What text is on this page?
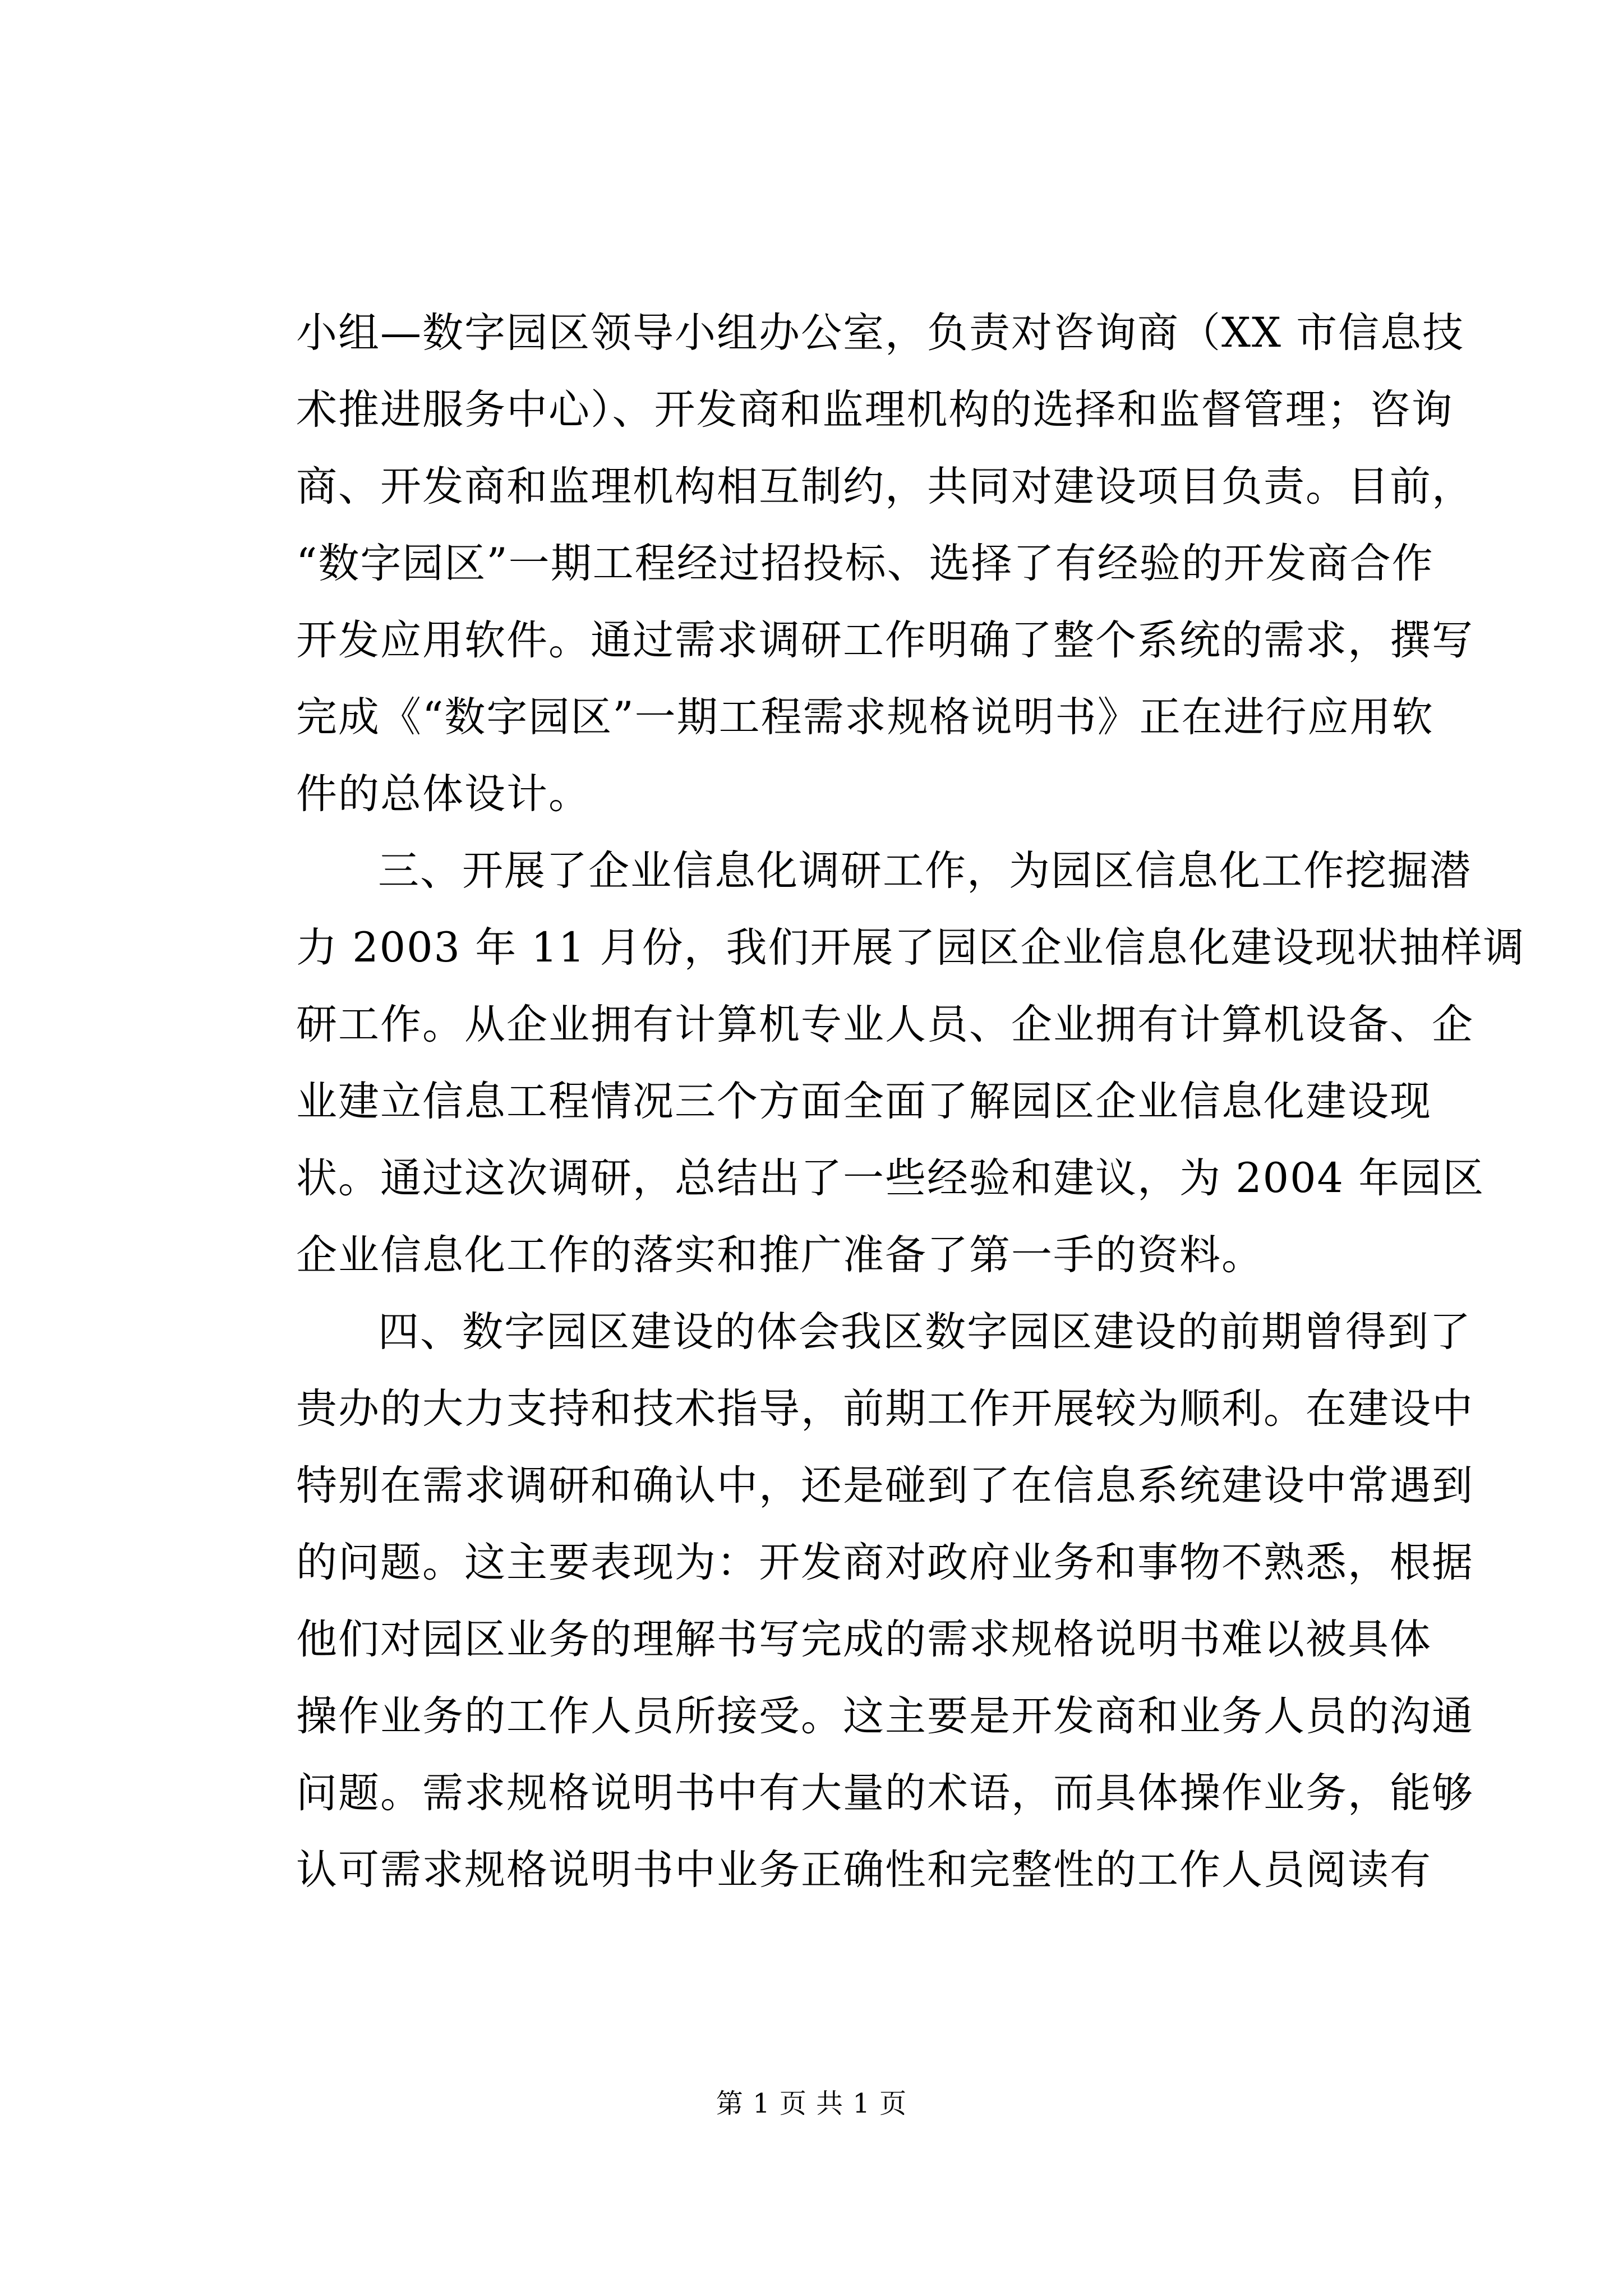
小组—数字园区领导小组办公室，负责对咨询商（XX 市信息技
术推进服务中心）、开发商和监理机构的选择和监督管理；咨询
商、开发商和监理机构相互制约，共同对建设项目负责。目前，
“数字园区”一期工程经过招投标、选择了有经验的开发商合作
开发应用软件。通过需求调研工作明确了整个系统的需求，撰写
完成《“数字园区”一期工程需求规格说明书》正在进行应用软
件的总体设计。
三、开展了企业信息化调研工作，为园区信息化工作挖掘潜
力 2003 年 11 月份，我们开展了园区企业信息化建设现状抽样调
研工作。从企业拥有计算机专业人员、企业拥有计算机设备、企
业建立信息工程情况三个方面全面了解园区企业信息化建设现
状。通过这次调研，总结出了一些经验和建议，为 2004 年园区
企业信息化工作的落实和推广准备了第一手的资料。
四、数字园区建设的体会我区数字园区建设的前期曾得到了
贵办的大力支持和技术指导，前期工作开展较为顺利。在建设中
特别在需求调研和确认中，还是碰到了在信息系统建设中常遇到
的问题。这主要表现为：开发商对政府业务和事物不熟悉，根据
他们对园区业务的理解书写完成的需求规格说明书难以被具体
操作业务的工作人员所接受。这主要是开发商和业务人员的沟通
问题。需求规格说明书中有大量的术语，而具体操作业务，能够
认可需求规格说明书中业务正确性和完整性的工作人员阅读有
第 1 页 共 1 页
